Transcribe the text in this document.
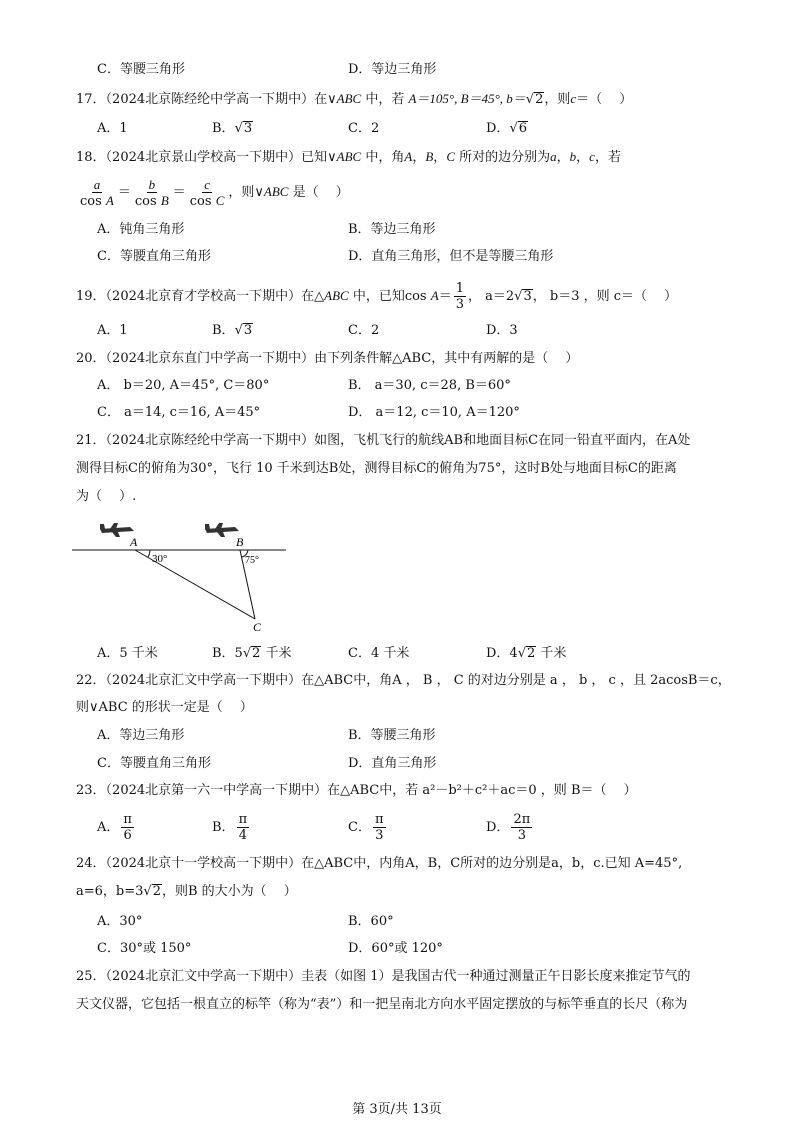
C．等腰三角形	D．等边三角形
17．（2024北京陈经纶中学高一下期中）在∨ABC 中，若 A＝105°, B＝45°, b＝√2，则c＝（　 ）
A．1	B．√3	C．2	D．√6
18．（2024北京景山学校高一下期中）已知∨ABC 中，角A，B，C 所对的边分别为a，b，c，若
$\frac{a}{\text{cos A}} = \frac{b}{\text{cos B}} = \frac{c}{\text{cos C}}$ ，则∨ABC 是（　 ）
A．钝角三角形	B．等边三角形
C．等腰直角三角形	D．直角三角形，但不是等腰三角形
19．（2024北京育才学校高一下期中）在△ABC 中，已知$\cos A= \frac{1}{3}$ ， a＝2√3， b＝3 ，则 c＝（　 ）
A．1	B．√3	C．2	D．3
20．（2024北京东直门中学高一下期中）由下列条件解△ABC，其中有两解的是（　 ）
A． b＝20, A＝45°, C＝80°	B． a＝30, c＝28, B＝60°
C． a＝14, c＝16, A＝45°	D． a＝12, c＝10, A＝120°
21．（2024北京陈经纶中学高一下期中）如图，飞机飞行的航线AB和地面目标C在同一铅直平面内，在A处
测得目标C的俯角为30°，飞行 10 千米到达B处，测得目标C的俯角为75°，这时B处与地面目标C的距离
为（　 ）.
A	B
C
30°	75°
A．5 千米	B．5√2 千米	C．4 千米	D．4√2 千米
22．（2024北京汇文中学高一下期中）在△ABC中，角A ， B ， C 的对边分别是 a ， b ， c ，且 2acosB＝c，
则∨ABC 的形状一定是（　 ）
A．等边三角形	B．等腰三角形
C．等腰直角三角形	D．直角三角形
23．（2024北京第一六一中学高一下期中）在△ABC中，若 a²－b²＋c²＋ac＝0 ，则 B＝（　 ）
A． $\frac{\pi}{6}$	B． $\frac{\pi}{4}$	C． $\frac{\pi}{3}$	D． $\frac{2\pi}{3}$
24．（2024北京十一学校高一下期中）在△ABC中，内角A，B，C所对的边分别是a，b，c.已知 A=45°,
a=6，b=3√2，则B 的大小为（　 ）
A．30°	B．60°
C．30°或 150°	D．60°或 120°
25．（2024北京汇文中学高一下期中）圭表（如图 1）是我国古代一种通过测量正午日影长度来推定节气的
天文仪器，它包括一根直立的标竿（称为“表”）和一把呈南北方向水平固定摆放的与标竿垂直的长尺（称为
第 3页/共 13页
